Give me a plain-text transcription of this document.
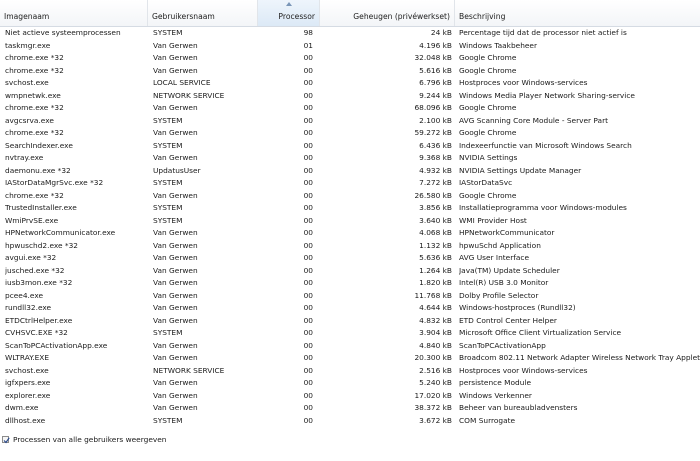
Imagenaam	Gebruikersnaam	Processor	Geheugen (privéwerkset)	Beschrijving
Niet actieve systeemprocessen	SYSTEM	98	24 kB Percentage tijd dat de processor niet actief is
taskmgr.exe	Van Gerwen	01	4.196 kB Windows Taakbeheer
chrome.exe *32	Van Gerwen	00	32.048 kB Google Chrome
chrome.exe *32	Van Gerwen	00	5.616 kB Google Chrome
svchost.exe	LOCAL SERVICE	00	6.796 kB Hostproces voor Windows-services
wmpnetwk.exe	NETWORK SERVICE	00	9.244 kB Windows Media Player Network Sharing-service
chrome.exe *32	Van Gerwen	00	68.096 kB Google Chrome
avgcsrva.exe	SYSTEM	00	2.100 kB AVG Scanning Core Module - Server Part
chrome.exe *32	Van Gerwen	00	59.272 kB Google Chrome
SearchIndexer.exe	SYSTEM	00	6.436 kB Indexeerfunctie van Microsoft Windows Search
nvtray.exe	Van Gerwen	00	9.368 kB NVIDIA Settings
daemonu.exe *32	UpdatusUser	00	4.932 kB NVIDIA Settings Update Manager
IAStorDataMgrSvc.exe *32	SYSTEM	00	7.272 kB IAStorDataSvc
chrome.exe *32	Van Gerwen	00	26.580 kB Google Chrome
TrustedInstaller.exe	SYSTEM	00	3.856 kB Installatieprogramma voor Windows-modules
WmiPrvSE.exe	SYSTEM	00	3.640 kB WMI Provider Host
HPNetworkCommunicator.exe	Van Gerwen	00	4.068 kB HPNetworkCommunicator
hpwuschd2.exe *32	Van Gerwen	00	1.132 kB hpwuSchd Application
avgui.exe *32	Van Gerwen	00	5.636 kB AVG User Interface
jusched.exe *32	Van Gerwen	00	1.264 kB Java(TM) Update Scheduler
iusb3mon.exe *32	Van Gerwen	00	1.820 kB Intel(R) USB 3.0 Monitor
pcee4.exe	Van Gerwen	00	11.768 kB Dolby Profile Selector
rundll32.exe	Van Gerwen	00	4.644 kB Windows-hostproces (Rundll32)
ETDCtrlHelper.exe	Van Gerwen	00	4.832 kB ETD Control Center Helper
CVHSVC.EXE *32	SYSTEM	00	3.904 kB Microsoft Office Client Virtualization Service
ScanToPCActivationApp.exe	Van Gerwen	00	4.840 kB ScanToPCActivationApp
WLTRAY.EXE	Van Gerwen	00	20.300 kB Broadcom 802.11 Network Adapter Wireless Network Tray Applet
svchost.exe	NETWORK SERVICE	00	2.516 kB Hostproces voor Windows-services
igfxpers.exe	Van Gerwen	00	5.240 kB persistence Module
explorer.exe	Van Gerwen	00	17.020 kB Windows Verkenner
dwm.exe	Van Gerwen	00	38.372 kB Beheer van bureaubladvensters
dllhost.exe	SYSTEM	00	3.672 kB COM Surrogate
Processen van alle gebruikers weergeven
